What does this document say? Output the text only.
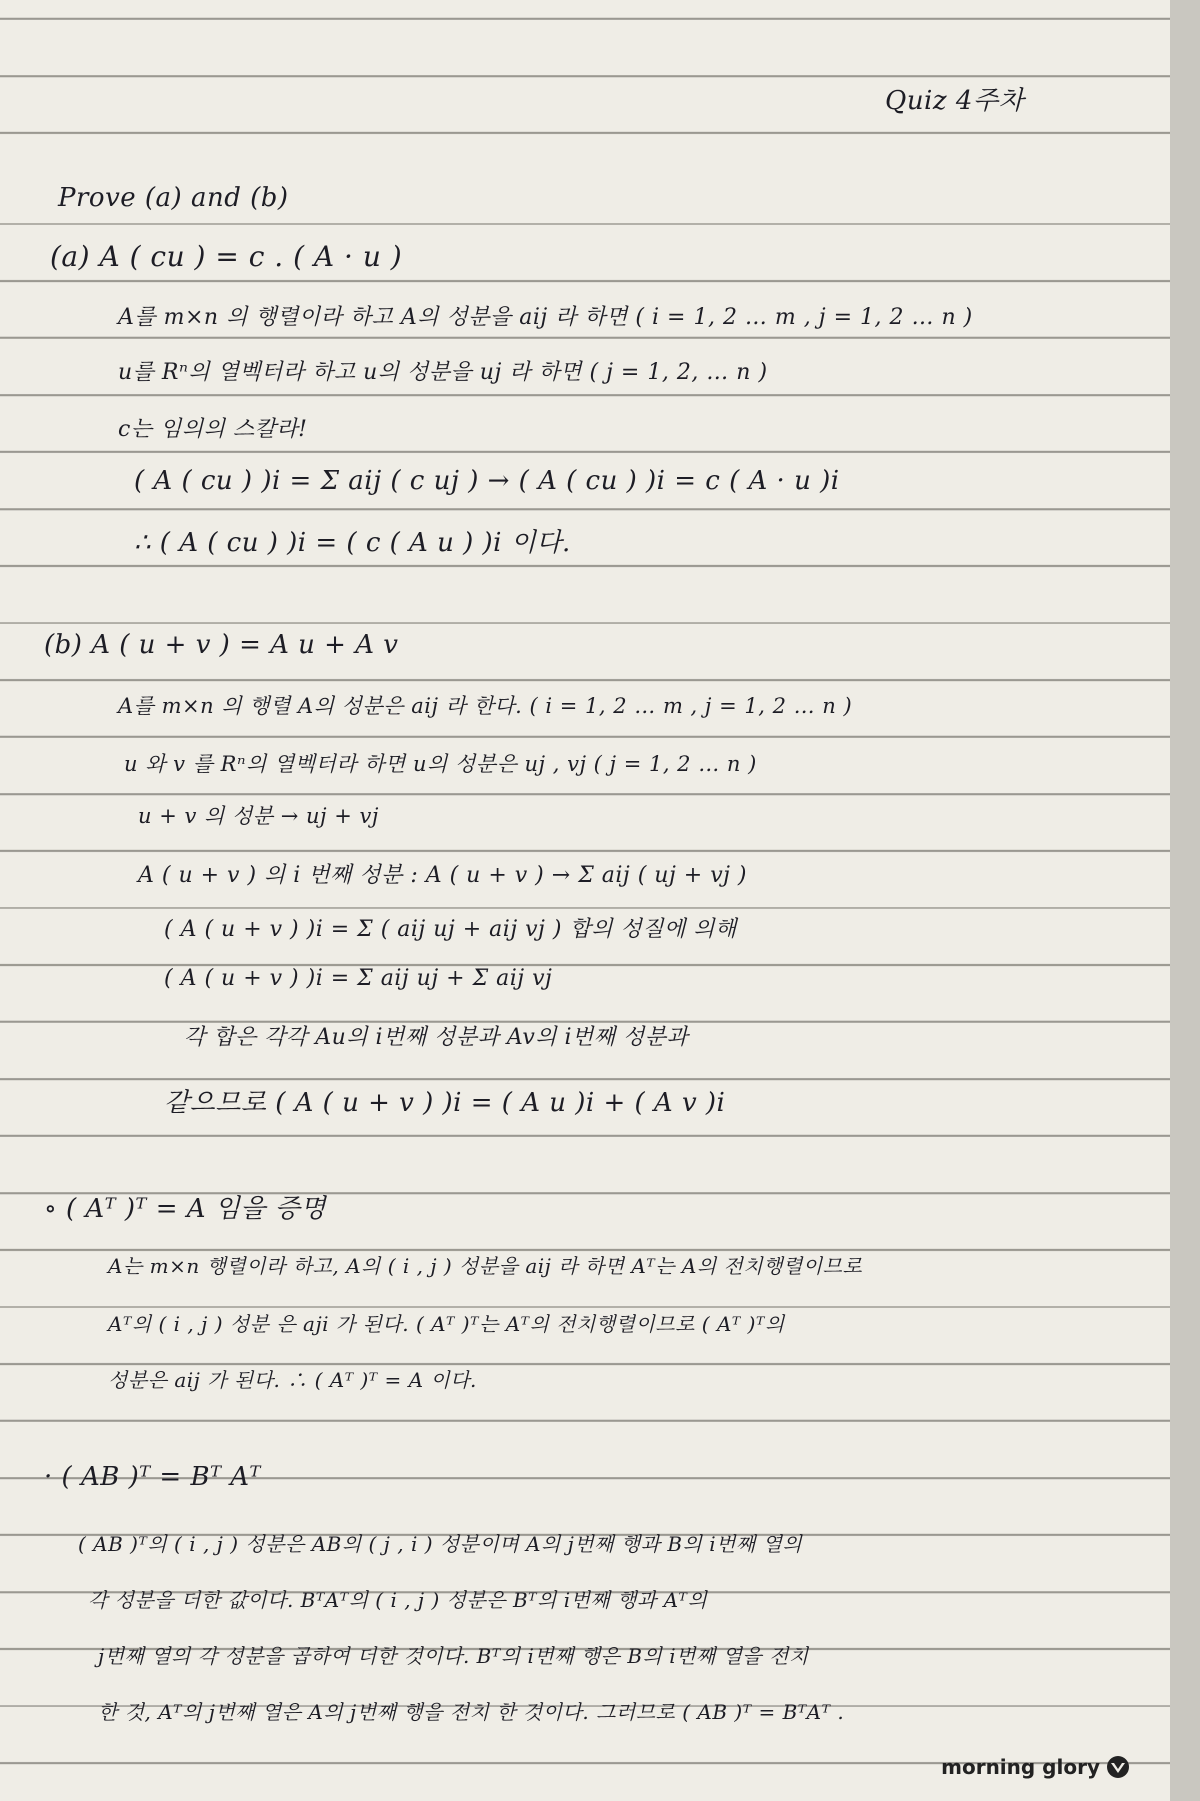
Quiz 4주차
Prove (a) and (b)
(a) A ( cu ) = c . ( A · u )
A를 m×n 의 행렬이라 하고 A의 성분을 aij 라 하면 ( i = 1, 2 … m , j = 1, 2 … n )
u를 Rⁿ의 열벡터라 하고 u의 성분을 uj 라 하면 ( j = 1, 2, … n )
c는 임의의 스칼라!
( A ( cu ) )i = Σ aij ( c uj ) → ( A ( cu ) )i = c ( A · u )i
∴ ( A ( cu ) )i = ( c ( A u ) )i 이다.
(b) A ( u + v ) = A u + A v
A를 m×n 의 행렬 A의 성분은 aij 라 한다. ( i = 1, 2 … m , j = 1, 2 … n )
u 와 v 를 Rⁿ의 열벡터라 하면 u의 성분은 uj , vj ( j = 1, 2 … n )
u + v 의 성분 → uj + vj
A ( u + v ) 의 i 번째 성분 : A ( u + v ) → Σ aij ( uj + vj )
( A ( u + v ) )i = Σ ( aij uj + aij vj ) 합의 성질에 의해
( A ( u + v ) )i = Σ aij uj + Σ aij vj
각 합은 각각 Au의 i번째 성분과 Av의 i번째 성분과
같으므로 ( A ( u + v ) )i = ( A u )i + ( A v )i
∘ ( Aᵀ )ᵀ = A 임을 증명
A는 m×n 행렬이라 하고, A의 ( i , j ) 성분을 aij 라 하면 Aᵀ는 A의 전치행렬이므로
Aᵀ의 ( i , j ) 성분 은 aji 가 된다. ( Aᵀ )ᵀ는 Aᵀ의 전치행렬이므로 ( Aᵀ )ᵀ의
성분은 aij 가 된다. ∴ ( Aᵀ )ᵀ = A 이다.
· ( AB )ᵀ = Bᵀ Aᵀ
( AB )ᵀ의 ( i , j ) 성분은 AB의 ( j , i ) 성분이며 A의 j번째 행과 B의 i번째 열의
각 성분을 더한 값이다. BᵀAᵀ의 ( i , j ) 성분은 Bᵀ의 i번째 행과 Aᵀ의
j번째 열의 각 성분을 곱하여 더한 것이다. Bᵀ의 i번째 행은 B의 i번째 열을 전치
한 것, Aᵀ의 j번째 열은 A의 j번째 행을 전치 한 것이다. 그러므로 ( AB )ᵀ = BᵀAᵀ .
morning glory
